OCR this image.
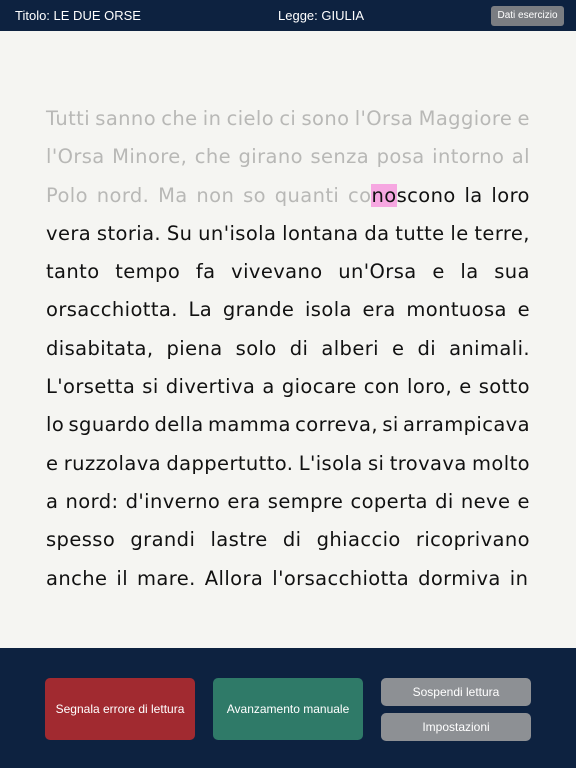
Titolo: LE DUE ORSE	Legge: GIULIA	Dati esercizio
Tutti sanno che in cielo ci sono l'Orsa Maggiore e
l'Orsa Minore, che girano senza posa intorno al
Polo nord. Ma non so quanti conoscono la loro
vera storia. Su un'isola lontana da tutte le terre,
tanto tempo fa vivevano un'Orsa e la sua
orsacchiotta. La grande isola era montuosa e
disabitata, piena solo di alberi e di animali.
L'orsetta si divertiva a giocare con loro, e sotto
lo sguardo della mamma correva, si arrampicava
e ruzzolava dappertutto. L'isola si trovava molto
a nord: d'inverno era sempre coperta di neve e
spesso grandi lastre di ghiaccio ricoprivano
anche il mare. Allora l'orsacchiotta dormiva in
Segnala errore di lettura	Avanzamento manuale
Sospendi lettura
Impostazioni
